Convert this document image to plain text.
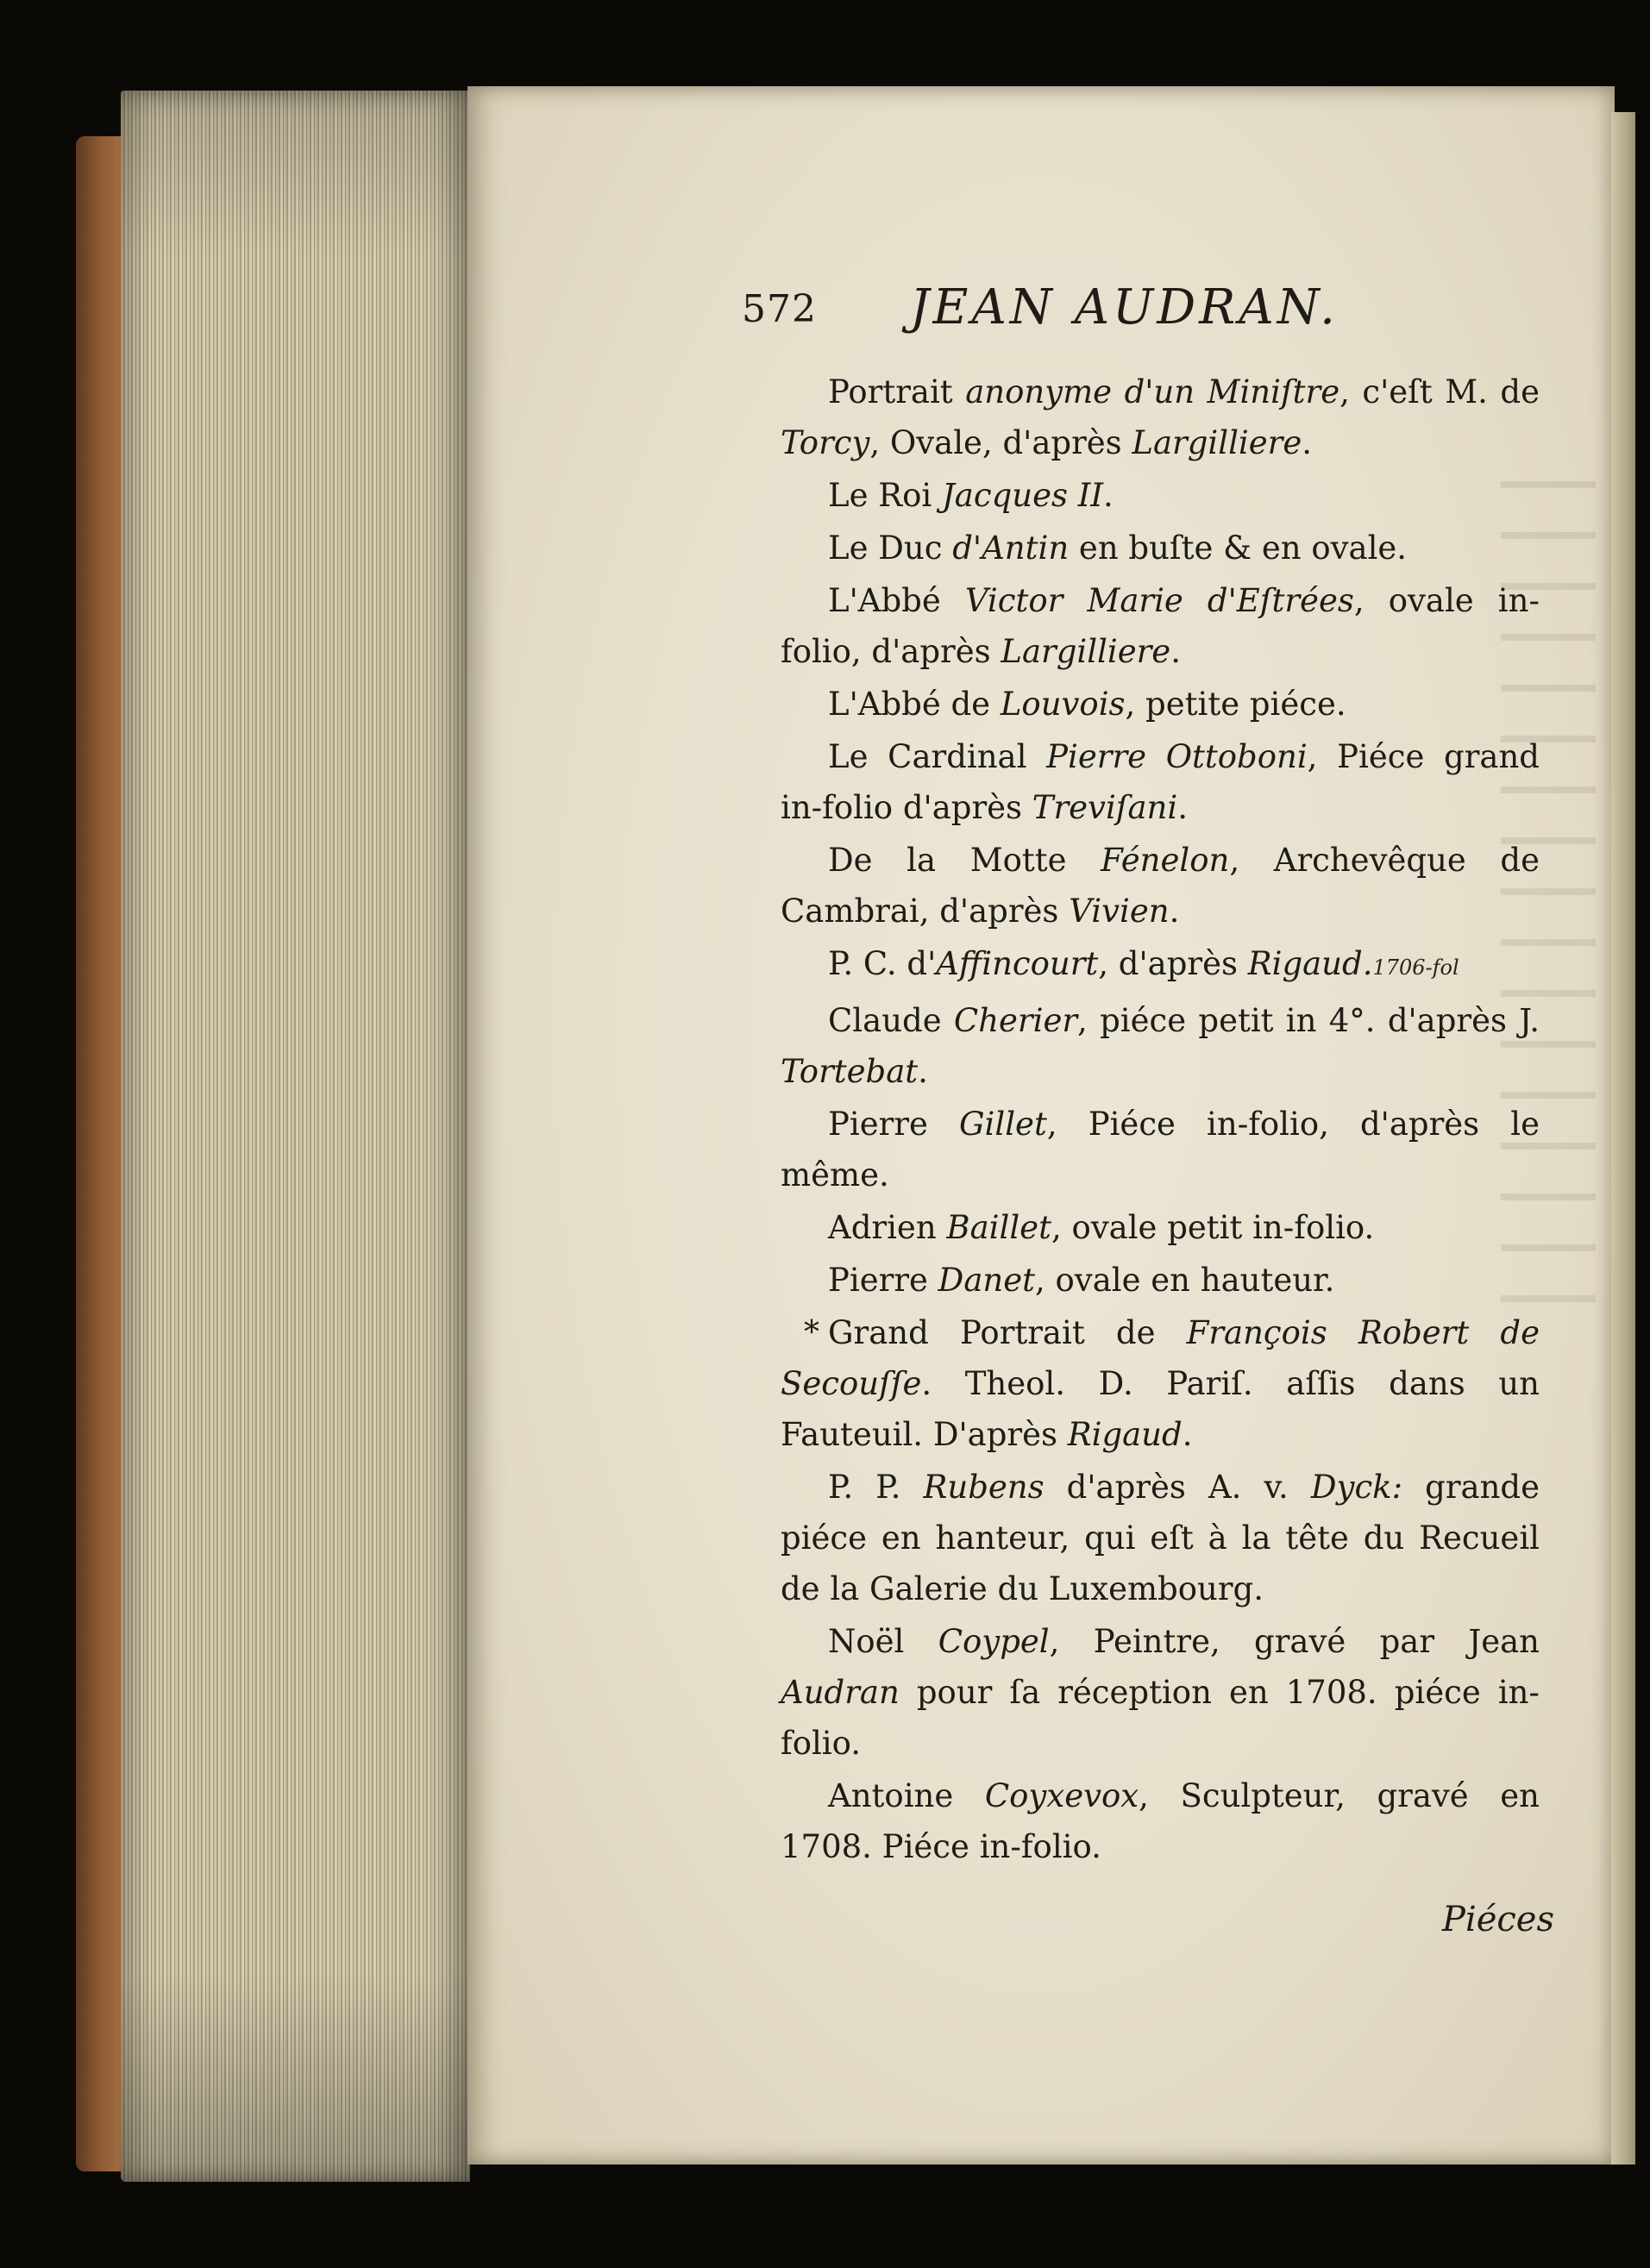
572 JEAN AUDRAN.

Portrait anonyme d'un Miniſtre, c'eſt M. de Torcy, Ovale, d'après Largilliere.

Le Roi Jacques II.

Le Duc d'Antin en buſte & en ovale.

L'Abbé Victor Marie d'Eſtrées, ovale in-folio, d'après Largilliere.

L'Abbé de Louvois, petite piéce.

Le Cardinal Pierre Ottoboni, Piéce grand in-folio d'après Treviſani.

De la Motte Fénelon, Archevêque de Cambrai, d'après Vivien.

P. C. d'Affincourt, d'après Rigaud.1706-fol

Claude Cherier, piéce petit in 4°. d'après J. Tortebat.

Pierre Gillet, Piéce in-folio, d'après le même.

Adrien Baillet, ovale petit in-folio.

Pierre Danet, ovale en hauteur.

* Grand Portrait de François Robert de Secouſſe. Theol. D. Pariſ. aſſis dans un Fauteuil. D'après Rigaud.

P. P. Rubens d'après A. v. Dyck: grande piéce en hanteur, qui eſt à la tête du Recueil de la Galerie du Luxembourg.

Noël Coypel, Peintre, gravé par Jean Audran pour ſa réception en 1708. piéce in-folio.

Antoine Coyxevox, Sculpteur, gravé en 1708. Piéce in-folio.

Piéces
